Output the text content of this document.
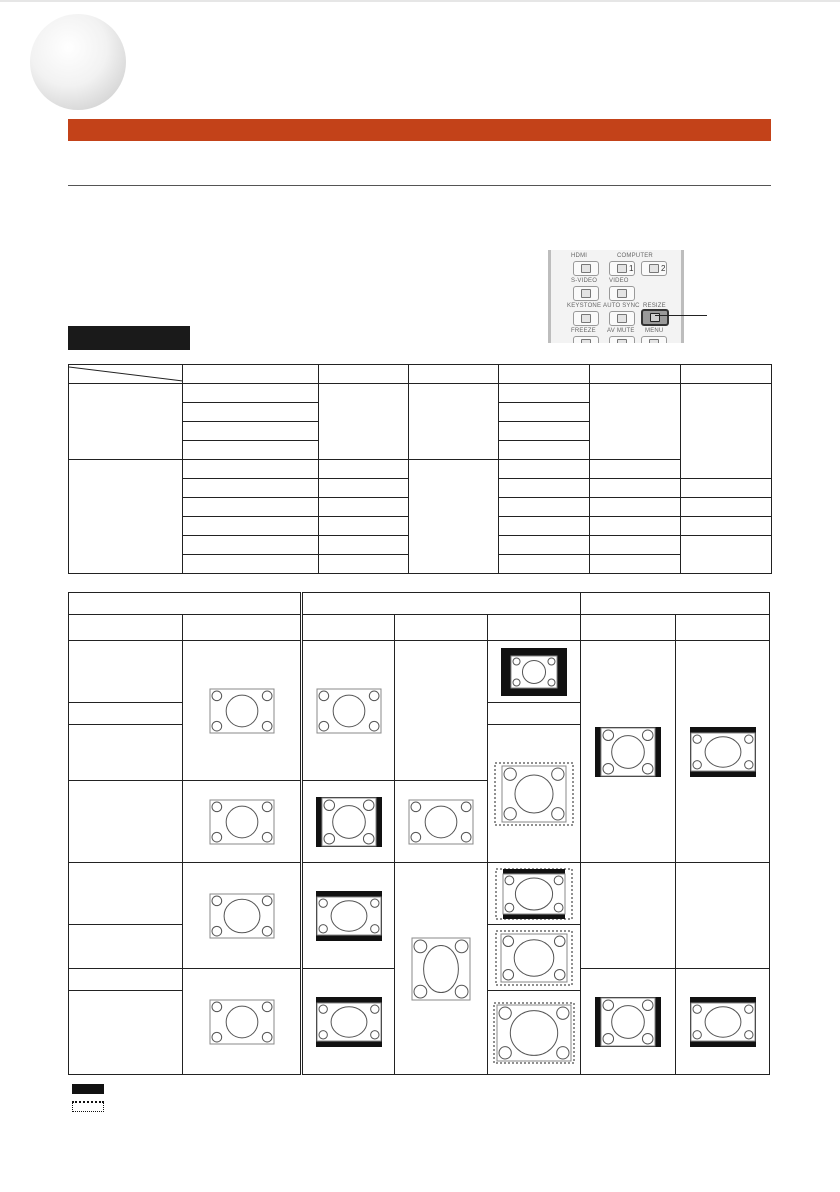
HDMI	COMPUTER
1	2
S-VIDEO VIDEO
KEYSTONE AUTO SYNC RESIZE
FREEZE AV MUTE MENU
